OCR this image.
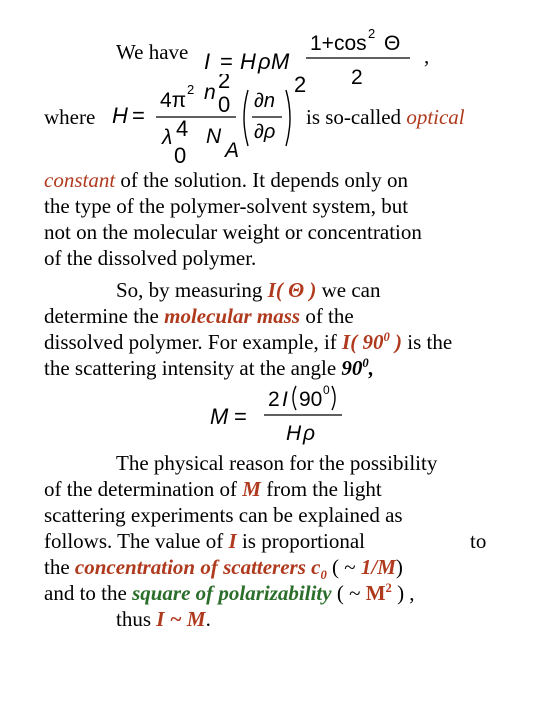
We have I = H ρ M
1+cos 2 Θ
2
,
where H =
4π 2 n 2
0
λ 4
0
N
A
∂n
∂ρ
2
is so-called optical
constant of the solution. It depends only on
the type of the polymer-solvent system, but
not on the molecular weight or concentration
of the dissolved polymer.
So, by measuring I( Θ ) we can
determine the molecular mass of the
dissolved polymer. For example, if I( $90^0$ ) is the
the scattering intensity at the angle $90^0$,
M =
2 I 90 0
H ρ
The physical reason for the possibility
of the determination of M from the light
scattering experiments can be explained as
follows. The value of I is proportional	to
the concentration of scatterers $c_0$ ( ~ 1/M)
and to the square of polarizability ( ~ $M^2$ ) ,
thus I ~ M.
